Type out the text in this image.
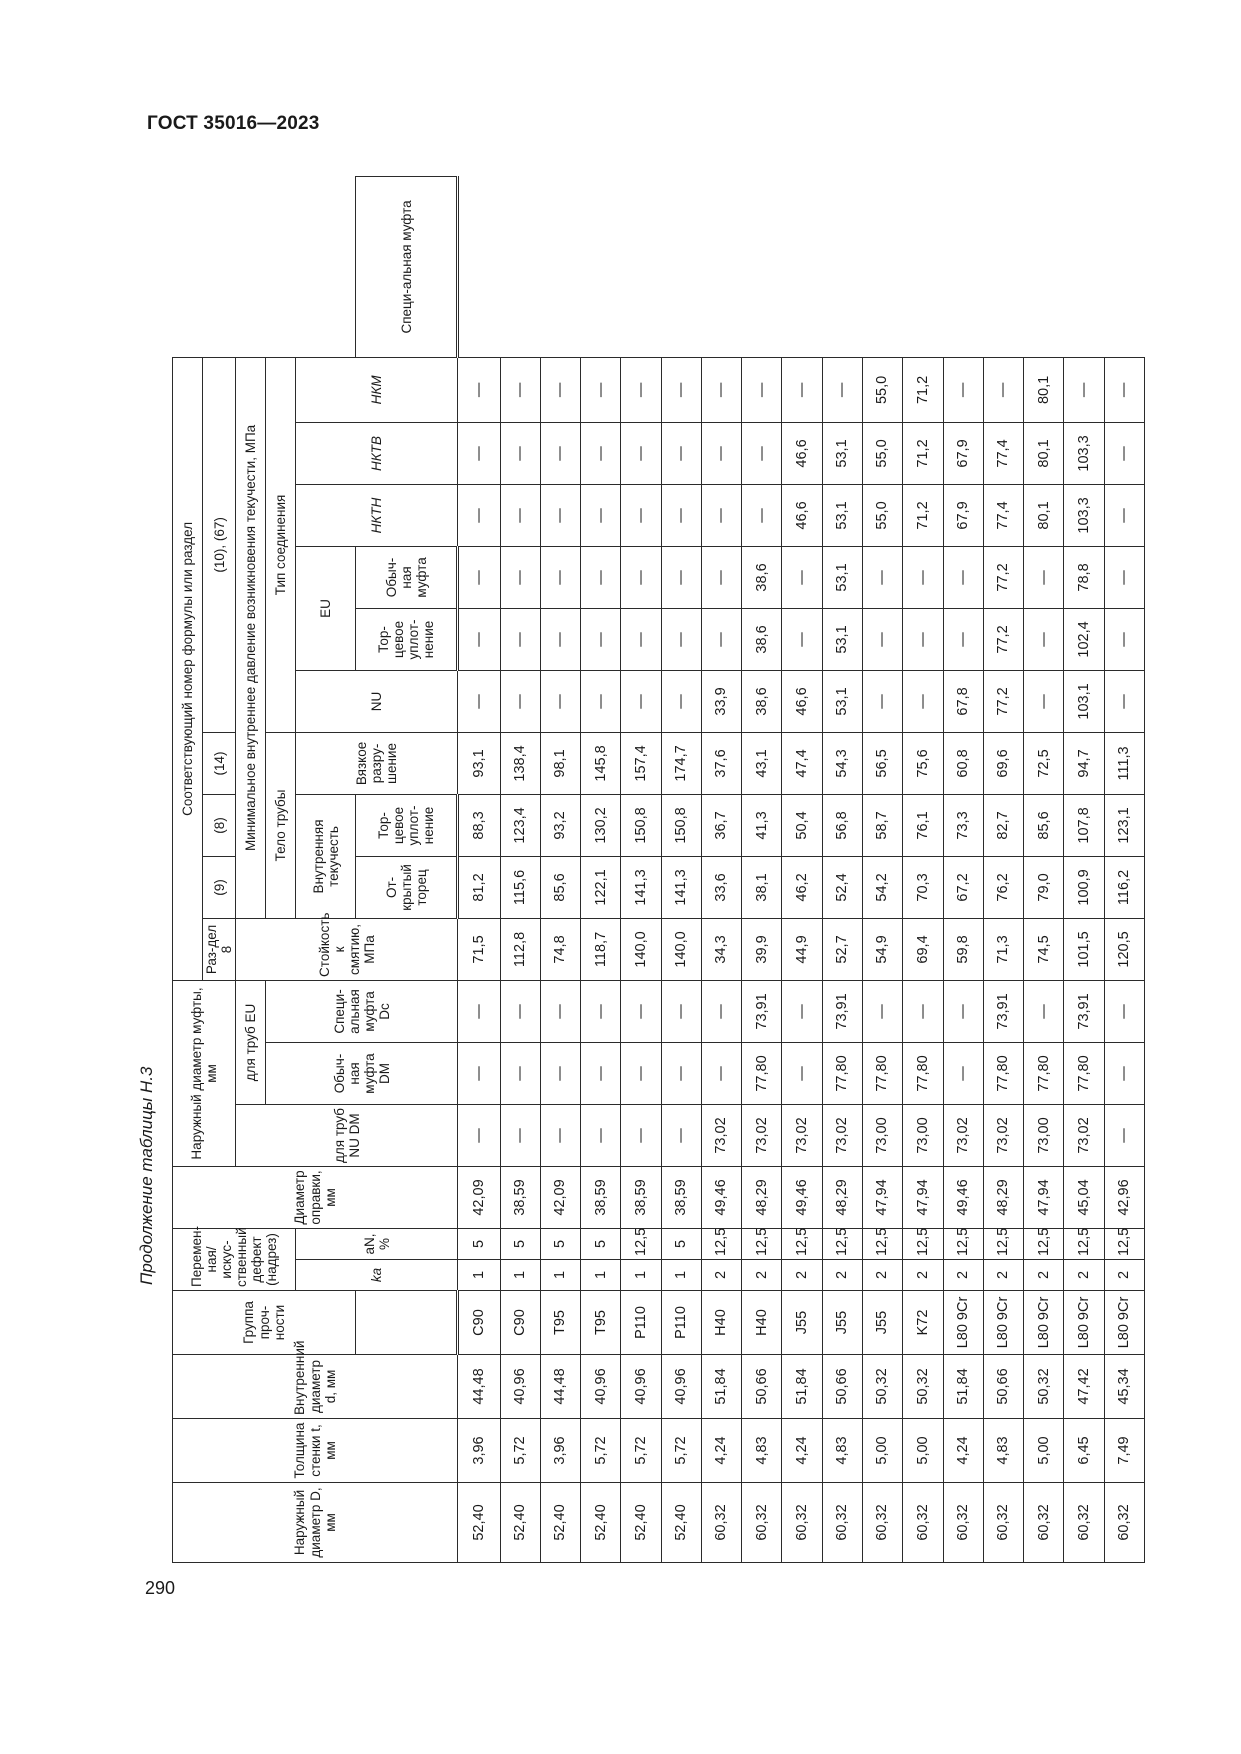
ГОСТ 35016—2023
Продолжение таблицы Н.3
290
Наружный диаметр D, мм	Толщина стенки t, мм	Внутренний диаметр d, мм	Группа проч-ности	Перемен-ная/искус-ственный дефект (надрез)		Диаметр оправки, мм	Наружный диаметр муфты, мм			Соответствующий номер формулы или раздел										
										Раз-дел 8	(9)	(8)	(14)	(10), (67)						
							для труб NU DM	для труб EU		Стойкость к смятию, МПа	Минимальное внутреннее давление возникновения текучести, МПа									
								Обыч-ная муфта DM	Специ-альная муфта Dc		Тело трубы			Тип соединения						
				ka	aN, %						Внутренняя текучесть		Вязкое разру-шение	NU	EU		НКТН	НКТВ	НКМ	
											От-крытый торец	Тор-цевое уплот-нение			Тор-цевое уплот-нение	Обыч-ная муфта				Специ-альная муфта
52,40	3,96	44,48	C90	1	5	42,09	—	—	—	71,5	81,2	88,3	93,1	—	—	—	—	—	—	
52,40	5,72	40,96	C90	1	5	38,59	—	—	—	112,8	115,6	123,4	138,4	—	—	—	—	—	—	
52,40	3,96	44,48	T95	1	5	42,09	—	—	—	74,8	85,6	93,2	98,1	—	—	—	—	—	—	
52,40	5,72	40,96	T95	1	5	38,59	—	—	—	118,7	122,1	130,2	145,8	—	—	—	—	—	—	
52,40	5,72	40,96	P110	1	12,5	38,59	—	—	—	140,0	141,3	150,8	157,4	—	—	—	—	—	—	
52,40	5,72	40,96	P110	1	5	38,59	—	—	—	140,0	141,3	150,8	174,7	—	—	—	—	—	—	
60,32	4,24	51,84	H40	2	12,5	49,46	73,02	—	—	34,3	33,6	36,7	37,6	33,9	—	—	—	—	—	
60,32	4,83	50,66	H40	2	12,5	48,29	73,02	77,80	73,91	39,9	38,1	41,3	43,1	38,6	38,6	38,6	—	—	—	
60,32	4,24	51,84	J55	2	12,5	49,46	73,02	—	—	44,9	46,2	50,4	47,4	46,6	—	—	46,6	46,6	—	
60,32	4,83	50,66	J55	2	12,5	48,29	73,02	77,80	73,91	52,7	52,4	56,8	54,3	53,1	53,1	53,1	53,1	53,1	—	
60,32	5,00	50,32	J55	2	12,5	47,94	73,00	77,80	—	54,9	54,2	58,7	56,5	—	—	—	55,0	55,0	55,0	
60,32	5,00	50,32	K72	2	12,5	47,94	73,00	77,80	—	69,4	70,3	76,1	75,6	—	—	—	71,2	71,2	71,2	
60,32	4,24	51,84	L80 9Cr	2	12,5	49,46	73,02	—	—	59,8	67,2	73,3	60,8	67,8	—	—	67,9	67,9	—	
60,32	4,83	50,66	L80 9Cr	2	12,5	48,29	73,02	77,80	73,91	71,3	76,2	82,7	69,6	77,2	77,2	77,2	77,4	77,4	—	
60,32	5,00	50,32	L80 9Cr	2	12,5	47,94	73,00	77,80	—	74,5	79,0	85,6	72,5	—	—	—	80,1	80,1	80,1	
60,32	6,45	47,42	L80 9Cr	2	12,5	45,04	73,02	77,80	73,91	101,5	100,9	107,8	94,7	103,1	102,4	78,8	103,3	103,3	—	
60,32	7,49	45,34	L80 9Cr	2	12,5	42,96	—	—	—	120,5	116,2	123,1	111,3	—	—	—	—	—	—	
